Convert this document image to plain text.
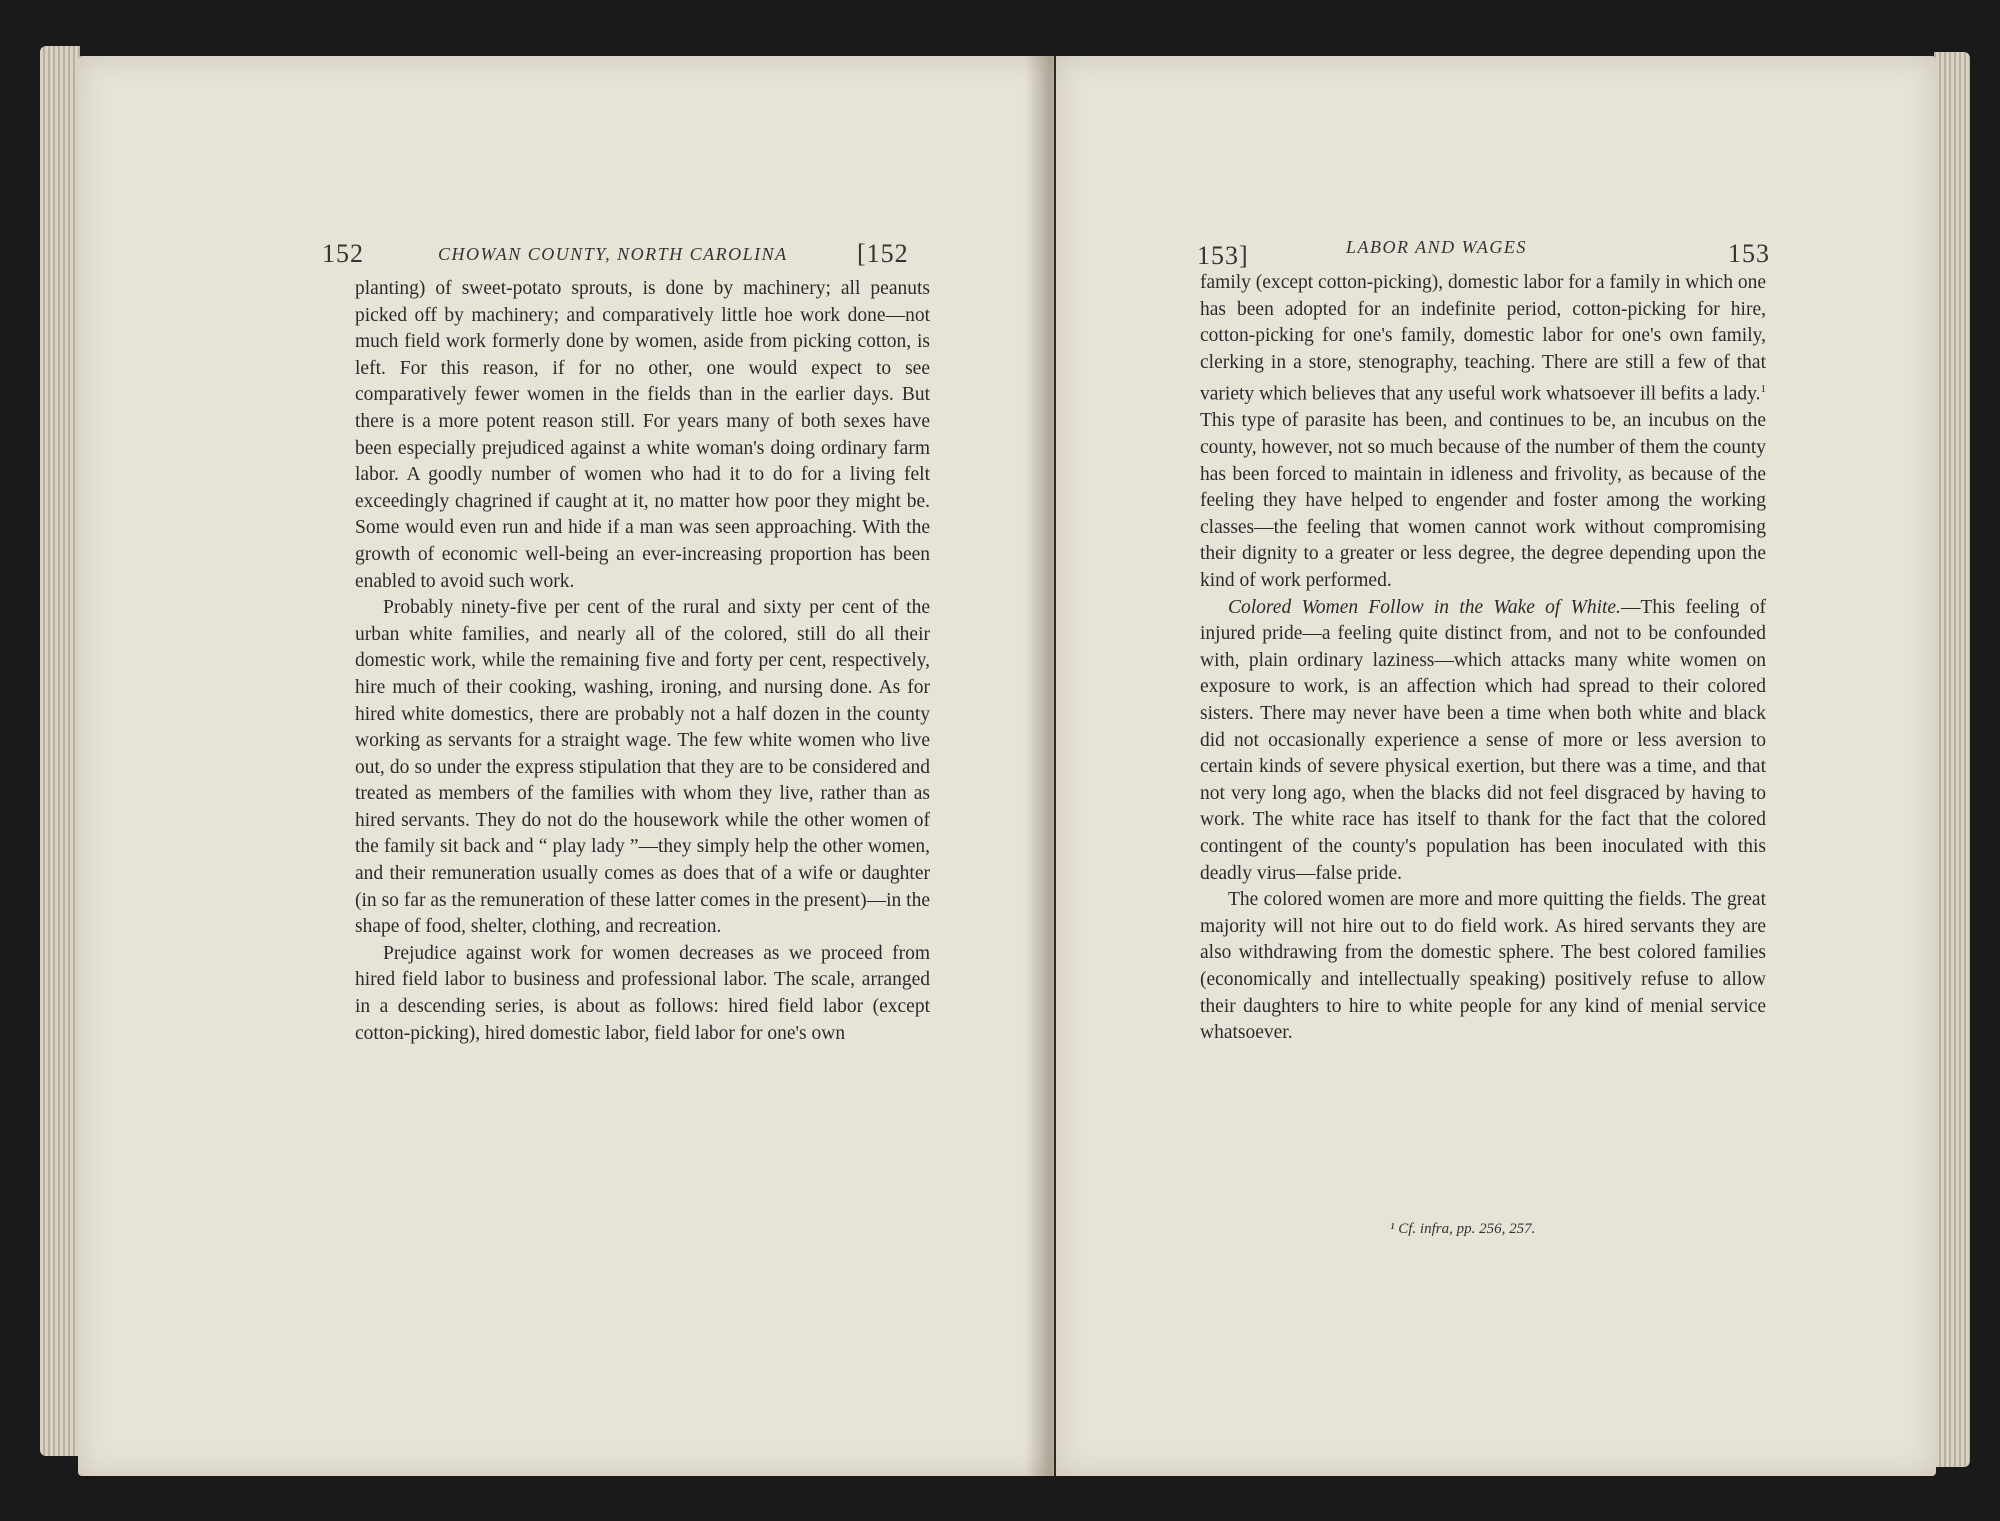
152	CHOWAN COUNTY, NORTH CAROLINA	[152

planting) of sweet-potato sprouts, is done by machinery; all peanuts picked off by machinery; and comparatively little hoe work done—not much field work formerly done by women, aside from picking cotton, is left. For this reason, if for no other, one would expect to see comparatively fewer women in the fields than in the earlier days. But there is a more potent reason still. For years many of both sexes have been especially prejudiced against a white woman's doing ordinary farm labor. A goodly number of women who had it to do for a living felt exceedingly chagrined if caught at it, no matter how poor they might be. Some would even run and hide if a man was seen approaching. With the growth of economic well-being an ever-increasing proportion has been enabled to avoid such work.

Probably ninety-five per cent of the rural and sixty per cent of the urban white families, and nearly all of the colored, still do all their domestic work, while the remaining five and forty per cent, respectively, hire much of their cooking, washing, ironing, and nursing done. As for hired white domestics, there are probably not a half dozen in the county working as servants for a straight wage. The few white women who live out, do so under the express stipulation that they are to be considered and treated as members of the families with whom they live, rather than as hired servants. They do not do the housework while the other women of the family sit back and “ play lady ”—they simply help the other women, and their remuneration usually comes as does that of a wife or daughter (in so far as the remuneration of these latter comes in the present)—in the shape of food, shelter, clothing, and recreation.

Prejudice against work for women decreases as we proceed from hired field labor to business and professional labor. The scale, arranged in a descending series, is about as follows: hired field labor (except cotton-picking), hired domestic labor, field labor for one's own

153]	LABOR AND WAGES	153

family (except cotton-picking), domestic labor for a family in which one has been adopted for an indefinite period, cotton-picking for hire, cotton-picking for one's family, domestic labor for one's own family, clerking in a store, stenography, teaching. There are still a few of that variety which believes that any useful work whatsoever ill befits a lady.$^1$ This type of parasite has been, and continues to be, an incubus on the county, however, not so much because of the number of them the county has been forced to maintain in idleness and frivolity, as because of the feeling they have helped to engender and foster among the working classes—the feeling that women cannot work without compromising their dignity to a greater or less degree, the degree depending upon the kind of work performed.

Colored Women Follow in the Wake of White.—This feeling of injured pride—a feeling quite distinct from, and not to be confounded with, plain ordinary laziness—which attacks many white women on exposure to work, is an affection which had spread to their colored sisters. There may never have been a time when both white and black did not occasionally experience a sense of more or less aversion to certain kinds of severe physical exertion, but there was a time, and that not very long ago, when the blacks did not feel disgraced by having to work. The white race has itself to thank for the fact that the colored contingent of the county's population has been inoculated with this deadly virus—false pride.

The colored women are more and more quitting the fields. The great majority will not hire out to do field work. As hired servants they are also withdrawing from the domestic sphere. The best colored families (economically and intellectually speaking) positively refuse to allow their daughters to hire to white people for any kind of menial service whatsoever.

¹ Cf. infra, pp. 256, 257.
